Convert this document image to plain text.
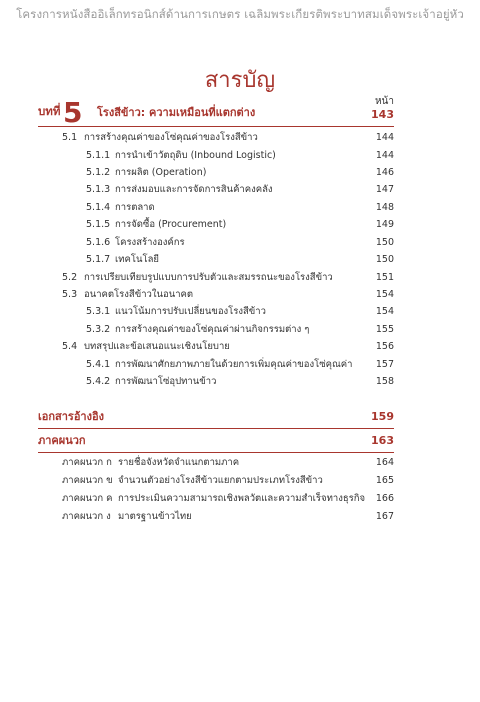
โครงการหนังสืออิเล็กทรอนิกส์ด้านการเกษตร เฉลิมพระเกียรติพระบาทสมเด็จพระเจ้าอยู่หัว
สารบัญ
หน้า
บทที่ 5 โรงสีข้าว: ความเหมือนที่แตกต่าง	143
5.1 การสร้างคุณค่าของโซ่คุณค่าของโรงสีข้าว	144
5.1.1 การนำเข้าวัตถุดิบ (Inbound Logistic)	144
5.1.2 การผลิต (Operation)	146
5.1.3 การส่งมอบและการจัดการสินค้าคงคลัง	147
5.1.4 การตลาด	148
5.1.5 การจัดซื้อ (Procurement)	149
5.1.6 โครงสร้างองค์กร	150
5.1.7 เทคโนโลยี	150
5.2 การเปรียบเทียบรูปแบบการปรับตัวและสมรรถนะของโรงสีข้าว	151
5.3 อนาคตโรงสีข้าวในอนาคต	154
5.3.1 แนวโน้มการปรับเปลี่ยนของโรงสีข้าว	154
5.3.2 การสร้างคุณค่าของโซ่คุณค่าผ่านกิจกรรมต่าง ๆ	155
5.4 บทสรุปและข้อเสนอแนะเชิงนโยบาย	156
5.4.1 การพัฒนาศักยภาพภายในด้วยการเพิ่มคุณค่าของโซ่คุณค่า 157
5.4.2 การพัฒนาโซ่อุปทานข้าว	158
เอกสารอ้างอิง	159
ภาคผนวก	163
ภาคผนวก ก รายชื่อจังหวัดจำแนกตามภาค	164
ภาคผนวก ข จำนวนตัวอย่างโรงสีข้าวแยกตามประเภทโรงสีข้าว	165
ภาคผนวก ค การประเมินความสามารถเชิงพลวัตและความสำเร็จทางธุรกิจ 166
ภาคผนวก ง มาตรฐานข้าวไทย	167
